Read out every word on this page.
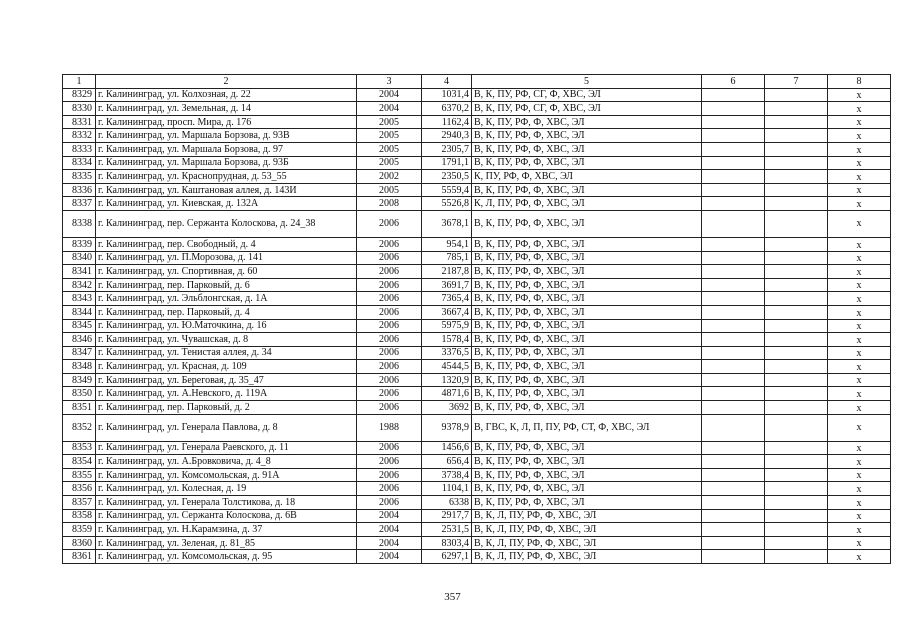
1	2	3	4	5	6	7	8
8329	г. Калининград, ул. Колхозная, д. 22	2004	1031,4	В, К, ПУ, РФ, СГ, Ф, ХВС, ЭЛ			х
8330	г. Калининград, ул. Земельная, д. 14	2004	6370,2	В, К, ПУ, РФ, СГ, Ф, ХВС, ЭЛ			х
8331	г. Калининград, просп. Мира, д. 176	2005	1162,4	В, К, ПУ, РФ, Ф, ХВС, ЭЛ			х
8332	г. Калининград, ул. Маршала Борзова, д. 93В	2005	2940,3	В, К, ПУ, РФ, Ф, ХВС, ЭЛ			х
8333	г. Калининград, ул. Маршала Борзова, д. 97	2005	2305,7	В, К, ПУ, РФ, Ф, ХВС, ЭЛ			х
8334	г. Калининград, ул. Маршала Борзова, д. 93Б	2005	1791,1	В, К, ПУ, РФ, Ф, ХВС, ЭЛ			х
8335	г. Калининград, ул. Краснопрудная, д. 53_55	2002	2350,5	К, ПУ, РФ, Ф, ХВС, ЭЛ			х
8336	г. Калининград, ул. Каштановая аллея, д. 143И	2005	5559,4	В, К, ПУ, РФ, Ф, ХВС, ЭЛ			х
8337	г. Калининград, ул. Киевская, д. 132А	2008	5526,8	К, Л, ПУ, РФ, Ф, ХВС, ЭЛ			х
8338	г. Калининград, пер. Сержанта Колоскова, д. 24_38	2006	3678,1	В, К, ПУ, РФ, Ф, ХВС, ЭЛ			х
8339	г. Калининград, пер. Свободный, д. 4	2006	954,1	В, К, ПУ, РФ, Ф, ХВС, ЭЛ			х
8340	г. Калининград, ул. П.Морозова, д. 141	2006	785,1	В, К, ПУ, РФ, Ф, ХВС, ЭЛ			х
8341	г. Калининград, ул. Спортивная, д. 60	2006	2187,8	В, К, ПУ, РФ, Ф, ХВС, ЭЛ			х
8342	г. Калининград, пер. Парковый, д. 6	2006	3691,7	В, К, ПУ, РФ, Ф, ХВС, ЭЛ			х
8343	г. Калининград, ул. Эльблонгская, д. 1А	2006	7365,4	В, К, ПУ, РФ, Ф, ХВС, ЭЛ			х
8344	г. Калининград, пер. Парковый, д. 4	2006	3667,4	В, К, ПУ, РФ, Ф, ХВС, ЭЛ			х
8345	г. Калининград, ул. Ю.Маточкина, д. 16	2006	5975,9	В, К, ПУ, РФ, Ф, ХВС, ЭЛ			х
8346	г. Калининград, ул. Чувашская, д. 8	2006	1578,4	В, К, ПУ, РФ, Ф, ХВС, ЭЛ			х
8347	г. Калининград, ул. Тенистая аллея, д. 34	2006	3376,5	В, К, ПУ, РФ, Ф, ХВС, ЭЛ			х
8348	г. Калининград, ул. Красная, д. 109	2006	4544,5	В, К, ПУ, РФ, Ф, ХВС, ЭЛ			х
8349	г. Калининград, ул. Береговая, д. 35_47	2006	1320,9	В, К, ПУ, РФ, Ф, ХВС, ЭЛ			х
8350	г. Калининград, ул. А.Невского, д. 119А	2006	4871,6	В, К, ПУ, РФ, Ф, ХВС, ЭЛ			х
8351	г. Калининград, пер. Парковый, д. 2	2006	3692	В, К, ПУ, РФ, Ф, ХВС, ЭЛ			х
8352	г. Калининград, ул. Генерала Павлова, д. 8	1988	9378,9	В, ГВС, К, Л, П, ПУ, РФ, СТ, Ф, ХВС, ЭЛ			х
8353	г. Калининград, ул. Генерала Раевского, д. 11	2006	1456,6	В, К, ПУ, РФ, Ф, ХВС, ЭЛ			х
8354	г. Калининград, ул. А.Бровковича, д. 4_8	2006	656,4	В, К, ПУ, РФ, Ф, ХВС, ЭЛ			х
8355	г. Калининград, ул. Комсомольская, д. 91А	2006	3738,4	В, К, ПУ, РФ, Ф, ХВС, ЭЛ			х
8356	г. Калининград, ул. Колесная, д. 19	2006	1104,1	В, К, ПУ, РФ, Ф, ХВС, ЭЛ			х
8357	г. Калининград, ул. Генерала Толстикова, д. 18	2006	6338	В, К, ПУ, РФ, Ф, ХВС, ЭЛ			х
8358	г. Калининград, ул. Сержанта Колоскова, д. 6В	2004	2917,7	В, К, Л, ПУ, РФ, Ф, ХВС, ЭЛ			х
8359	г. Калининград, ул. Н.Карамзина, д. 37	2004	2531,5	В, К, Л, ПУ, РФ, Ф, ХВС, ЭЛ			х
8360	г. Калининград, ул. Зеленая, д. 81_85	2004	8303,4	В, К, Л, ПУ, РФ, Ф, ХВС, ЭЛ			х
8361	г. Калининград, ул. Комсомольская, д. 95	2004	6297,1	В, К, Л, ПУ, РФ, Ф, ХВС, ЭЛ			х
357
